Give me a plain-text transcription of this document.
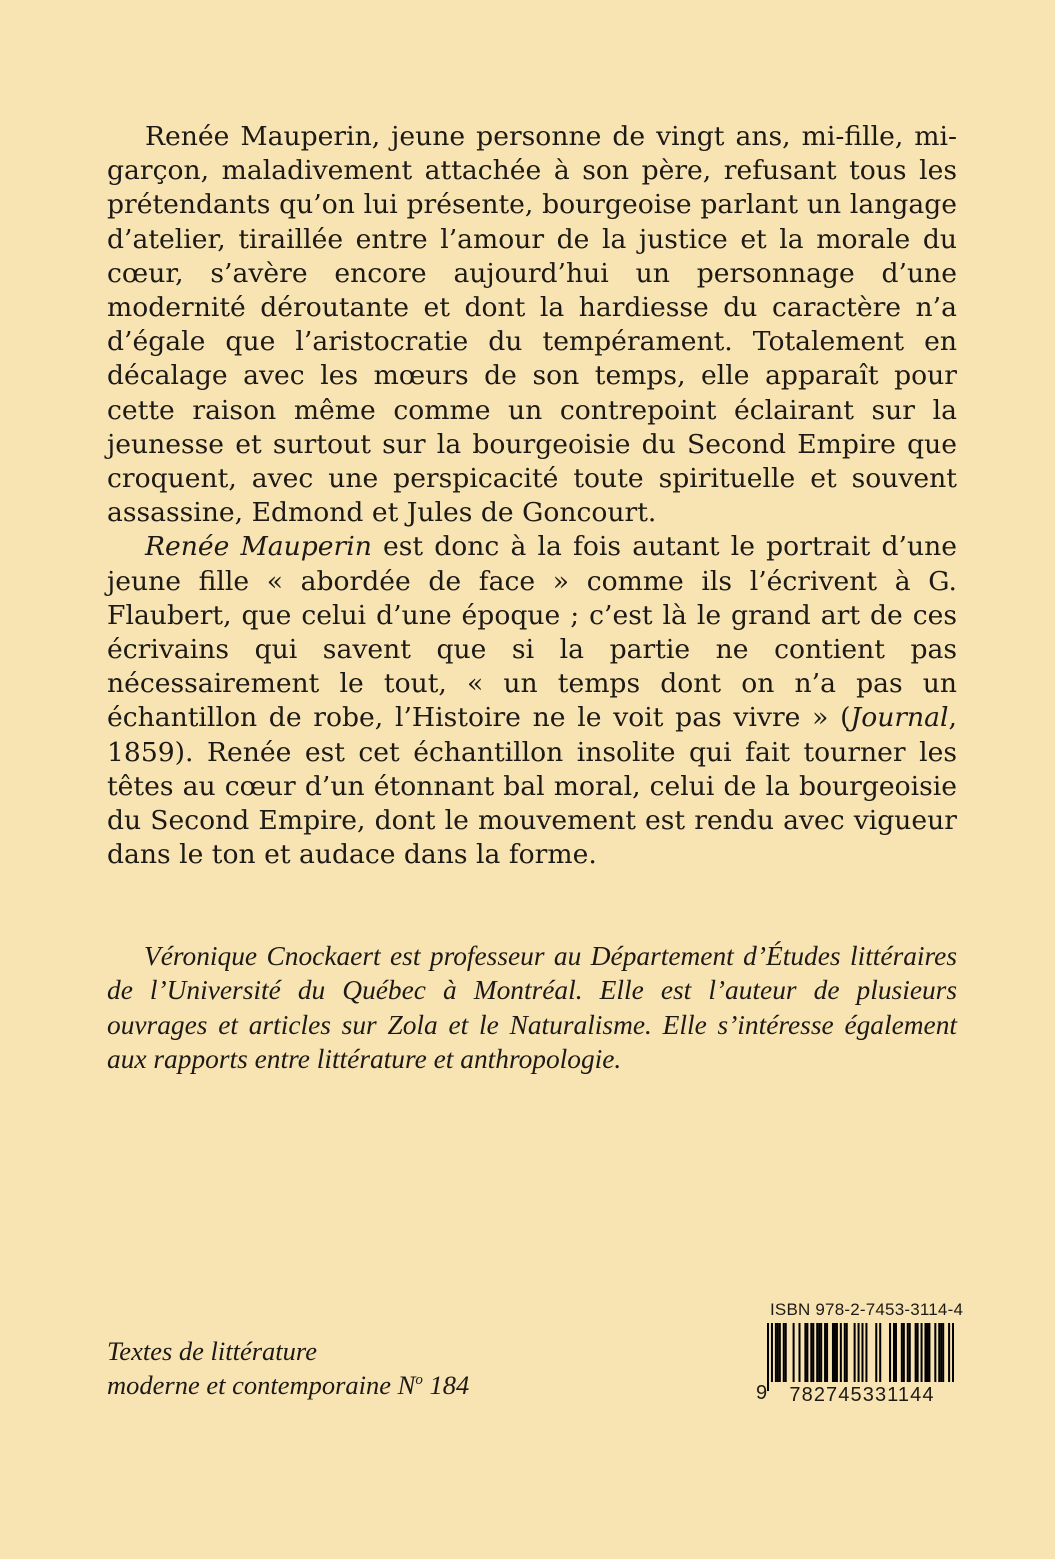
Renée Mauperin, jeune personne de vingt ans, mi-fille, mi-garçon, maladivement attachée à son père, refusant tous les prétendants qu’on lui présente, bourgeoise parlant un langage d’atelier, tiraillée entre l’amour de la justice et la morale du cœur, s’avère encore aujourd’hui un personnage d’une modernité déroutante et dont la hardiesse du caractère n’a d’égale que l’aristocratie du tempérament. Totalement en décalage avec les mœurs de son temps, elle apparaît pour cette raison même comme un contrepoint éclairant sur la jeunesse et surtout sur la bourgeoisie du Second Empire que croquent, avec une perspicacité toute spirituelle et souvent assassine, Edmond et Jules de Goncourt.

Renée Mauperin est donc à la fois autant le portrait d’une jeune fille « abordée de face » comme ils l’écrivent à G. Flaubert, que celui d’une époque ; c’est là le grand art de ces écrivains qui savent que si la partie ne contient pas nécessairement le tout, « un temps dont on n’a pas un échantillon de robe, l’Histoire ne le voit pas vivre » (Journal, 1859). Renée est cet échantillon insolite qui fait tourner les têtes au cœur d’un étonnant bal moral, celui de la bourgeoisie du Second Empire, dont le mouvement est rendu avec vigueur dans le ton et audace dans la forme.

Véronique Cnockaert est professeur au Département d’Études littéraires de l’Université du Québec à Montréal. Elle est l’auteur de plusieurs ouvrages et articles sur Zola et le Naturalisme. Elle s’intéresse également aux rapports entre littérature et anthropologie.

Textes de littérature
moderne et contemporaine $N^o$ 184

ISBN 978-2-7453-3114-4
9	782745331144
